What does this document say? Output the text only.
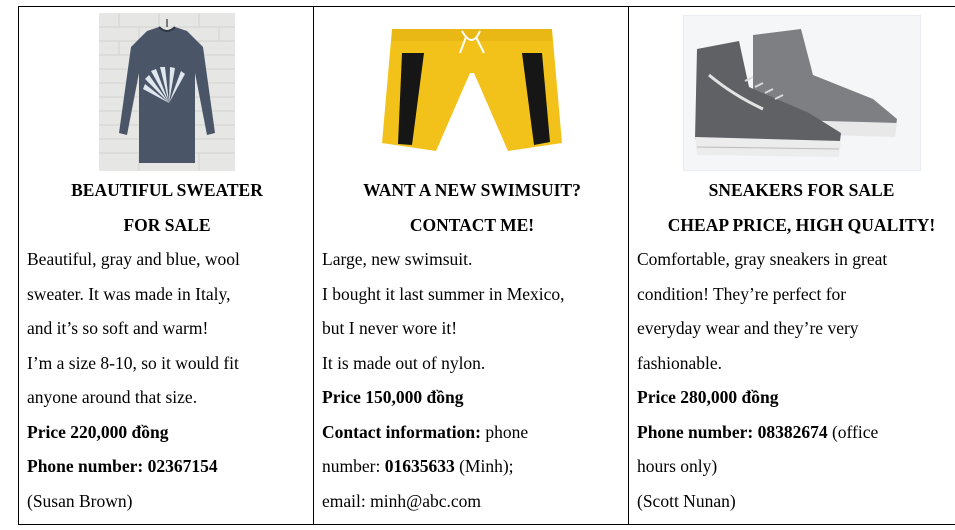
BEAUTIFUL SWEATER

FOR SALE

Beautiful, gray and blue, wool

sweater. It was made in Italy,

and it’s so soft and warm!

I’m a size 8-10, so it would fit

anyone around that size.

Price 220,000 đồng

Phone number: 02367154

(Susan Brown)

WANT A NEW SWIMSUIT?

CONTACT ME!

Large, new swimsuit.

I bought it last summer in Mexico,

but I never wore it!

It is made out of nylon.

Price 150,000 đồng

Contact information: phone

number: 01635633 (Minh);

email: minh@abc.com

SNEAKERS FOR SALE

CHEAP PRICE, HIGH QUALITY!

Comfortable, gray sneakers in great

condition! They’re perfect for

everyday wear and they’re very

fashionable.

Price 280,000 đồng

Phone number: 08382674 (office

hours only)

(Scott Nunan)
